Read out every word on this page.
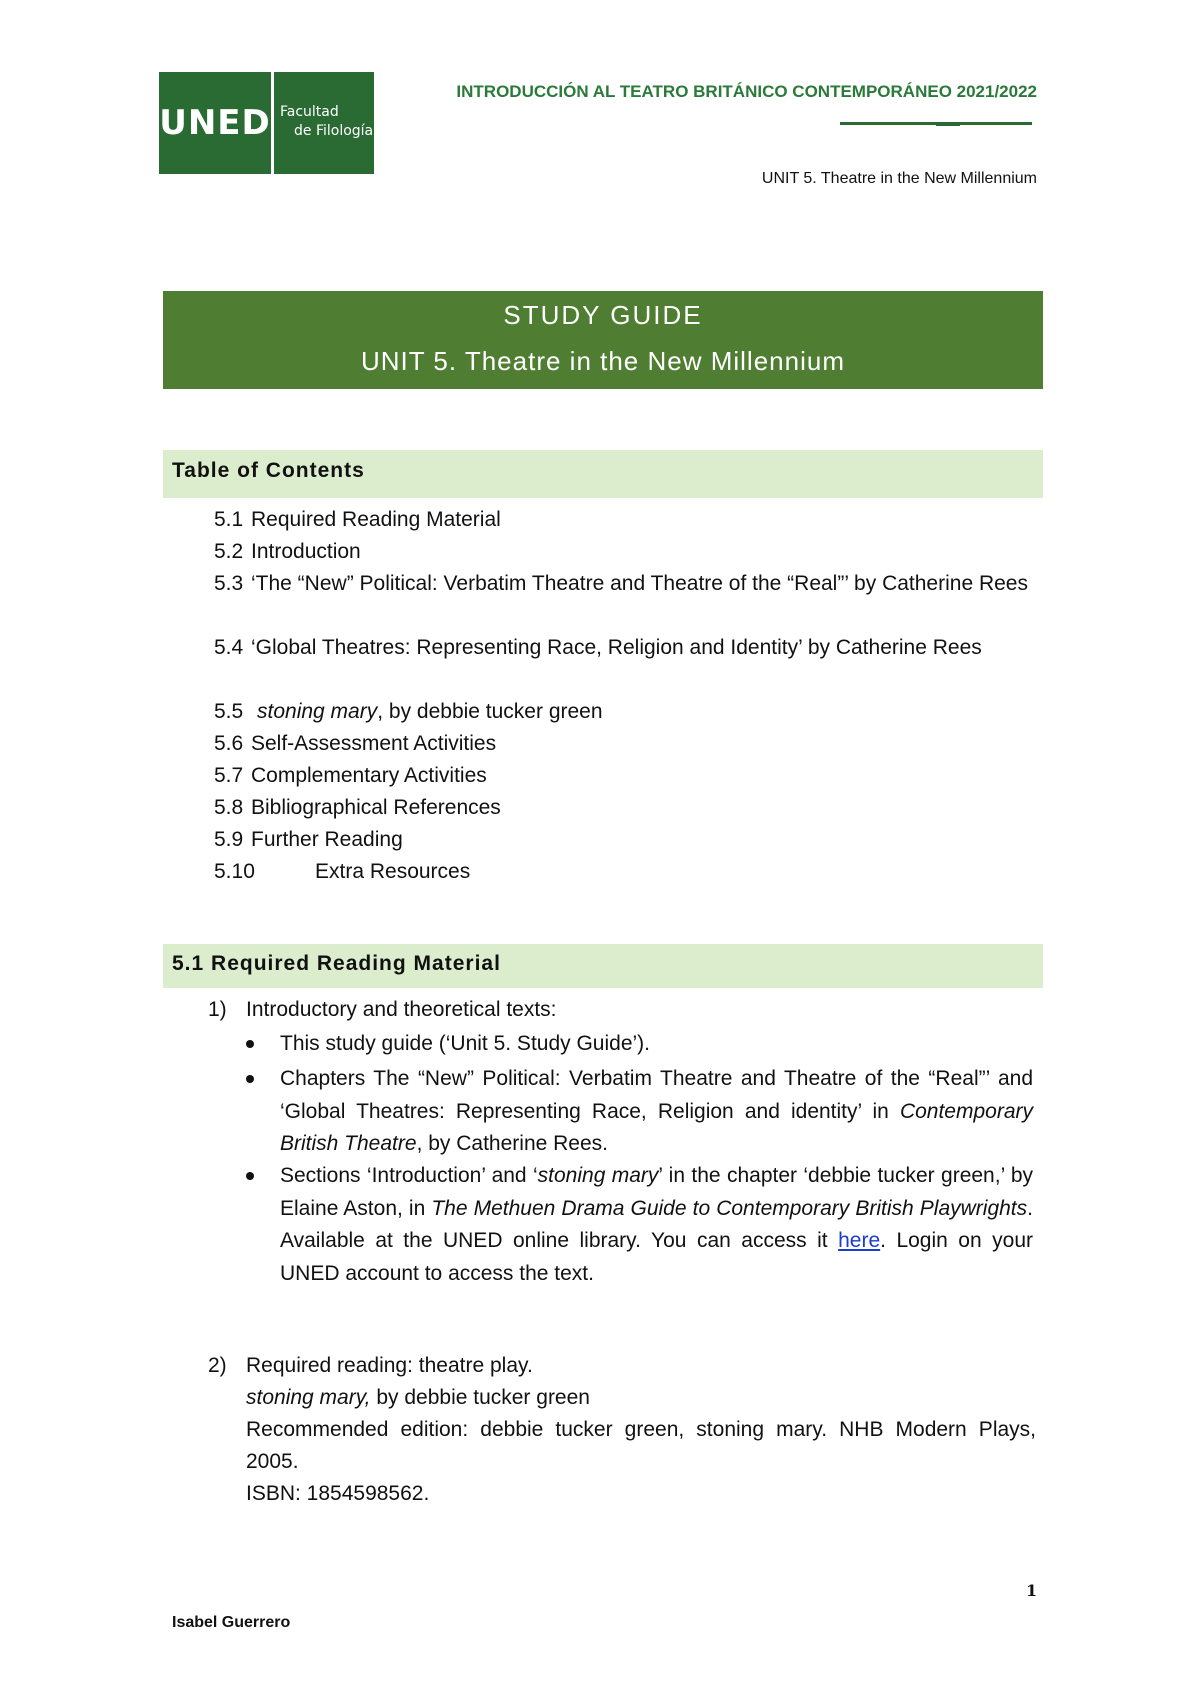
UNED Facultad
de Filología
INTRODUCCIÓN AL TEATRO BRITÁNICO CONTEMPORÁNEO 2021/2022
UNIT 5. Theatre in the New Millennium
STUDY GUIDE
UNIT 5. Theatre in the New Millennium
Table of Contents
5.1 Required Reading Material
5.2 Introduction
5.3 ‘The “New” Political: Verbatim Theatre and Theatre of the “Real”’ by Catherine Rees
5.4 ‘Global Theatres: Representing Race, Religion and Identity’ by Catherine Rees
5.5 stoning mary, by debbie tucker green
5.6 Self-Assessment Activities
5.7 Complementary Activities
5.8 Bibliographical References
5.9 Further Reading
5.10	Extra Resources
5.1 Required Reading Material
1) Introductory and theoretical texts:
This study guide (‘Unit 5. Study Guide’).
Chapters The “New” Political: Verbatim Theatre and Theatre of the “Real”’ and ‘Global Theatres: Representing Race, Religion and identity’ in Contemporary British Theatre, by Catherine Rees.
Sections ‘Introduction’ and ‘stoning mary’ in the chapter ‘debbie tucker green,’ by Elaine Aston, in The Methuen Drama Guide to Contemporary British Playwrights. Available at the UNED online library. You can access it here. Login on your UNED account to access the text.
2) Required reading: theatre play.
stoning mary, by debbie tucker green
Recommended edition: debbie tucker green, stoning mary. NHB Modern Plays, 2005.
ISBN: 1854598562.
1
Isabel Guerrero
